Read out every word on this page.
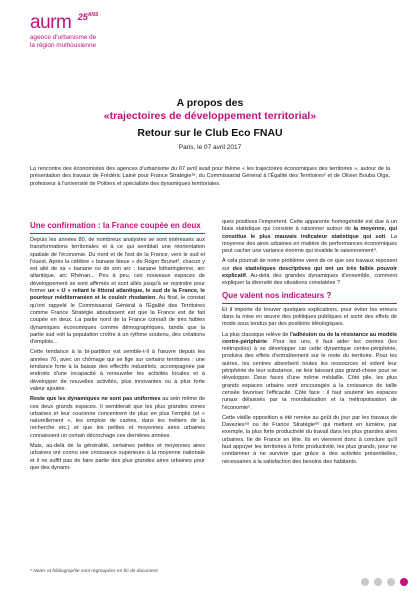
aurm $25^{ANS}$
agence d'urbanisme de
la région mulhousienne
A propos des
«trajectoires de développement territorial»
Retour sur le Club Eco FNAU
Paris, le 07 avril 2017
La rencontre des économistes des agences d'urbanisme du 07 avril avait pour thème « les trajectoires économiques des territoires », autour de la présentation des travaux de Frédéric Lainé pour France Stratégie¹ᵃ, du Commissariat Général à l'Égalité des Territoires² et de Olivier Bouba Olga, professeur à l'université de Poitiers et spécialiste des dynamiques territoriales.
Une confirmation : la France coupée en deux

Depuis les années 80, de nombreux analystes se sont intéressés aux transformations territoriales et à ce qui semblait une réorientation spatiale de l'économie. Du nord et de l'est de la France, vers le sud et l'ouest. Après la célèbre « banane bleue » de Roger Brunet³, chacun y est allé de sa « banane ou de son arc ; banane lotharingienne, arc atlantique, arc Rhénan... Peu à peu, ces nouveaux espaces de développement se sont affirmés et sont allés jusqu'à se rejoindre pour former un « U » reliant le littoral atlantique, le sud de la France, le pourtour méditerranéen et le couloir rhodanien. Au final, le constat qu'ont rappelé le Commissariat Général à l'Égalité des Territoires comme France Stratégie aboutissent est que la France est de fait coupée en deux. La partie nord de la France connaît de très faibles dynamiques économiques comme démographiques, tandis que la partie sud voit la population croître à un rythme soutenu, des créations d'emplois...

Cette tendance à la bi-partition est semble-t-il à l'œuvre depuis les années 70, avec un chômage qui se fige sur certains territoires : une tendance forte à la baisse des effectifs industriels, accompagnée par endroits d'une incapacité à renouveler les activités locales et à développer de nouvelles activités, plus innovantes ou à plus forte valeur ajoutée.

Reste que les dynamiques ne sont pas uniformes au sein même de ces deux grands espaces. Il semblerait que les plus grandes zones urbaines et leur couronne concentrent de plus en plus l'emploi (et « naturellement », les emplois de cadres, dans les métiers de la recherche etc.) et que les petites et moyennes aires urbaines connaissent un certain décrochage ces dernières années.

Mais, au-delà de la généralité, certaines petites et moyennes aires urbaines ont connu une croissance supérieure à la moyenne nationale et il ne suffit pas de faire partie des plus grandes aires urbaines pour que des dynami-

ques positives l'emportent. Cette apparente homogénéité est due à un biais statistique qui consiste à raisonner autour de la moyenne, qui constitue le plus mauvais indicateur statistique qui soit. La moyenne des aires urbaines en matière de performances économiques peut cacher une variance énorme qui invalide le raisonnement⁴.

À cela pourrait de notre problème vient de ce que ces travaux reposent sur des statistiques descriptives qui ont un très faible pouvoir explicatif. Au-delà des grandes dynamiques d'ensemble, comment expliquer la diversité des situations constatées ?

Que valent nos indicateurs ?

Et il importe de trouver quelques explications, pour éviter les erreurs dans la mise en œuvre des politiques publiques et sortir des effets de mode sous tendus par des positions idéologiques.

La plus classique relève de l'adhésion ou de la résistance au modèle centre-périphérie. Pour les uns, il faut aider les centres (les métropoles) à se développer car cette dynamique centre-périphérie, produira des effets d'entraînement sur le reste du territoire. Pour les autres, les centres absorbent toutes les ressources et vident leur périphérie de leur substance, ne leur laissant pas grand-chose pour se développer. Deux faces d'une même médaille. Côté pile, les plus grands espaces urbains sont encouragés à la croissance de taille censée favoriser l'efficacité. Côté face : il faut soutenir les espaces ruraux délaissés par la mondialisation et la métropolisation de l'économie⁵.

Cette vieille opposition a été remise au goût du jour par les travaux de Davezies⁶ᵃ ou de France Stratégie⁶ᵇ qui mettent en lumière, par exemple, la plus forte productivité du travail dans les plus grandes aires urbaines, Ile de France en tête. Ils en viennent donc à conclure qu'il faut appuyer les territoires à forte productivité, les plus grands, pour ne condamner à ne survivre que grâce à des activités présentielles, nécessaires à la satisfaction des besoins des habitants.

* Notes et bibliographie sont regroupées en fin de document
